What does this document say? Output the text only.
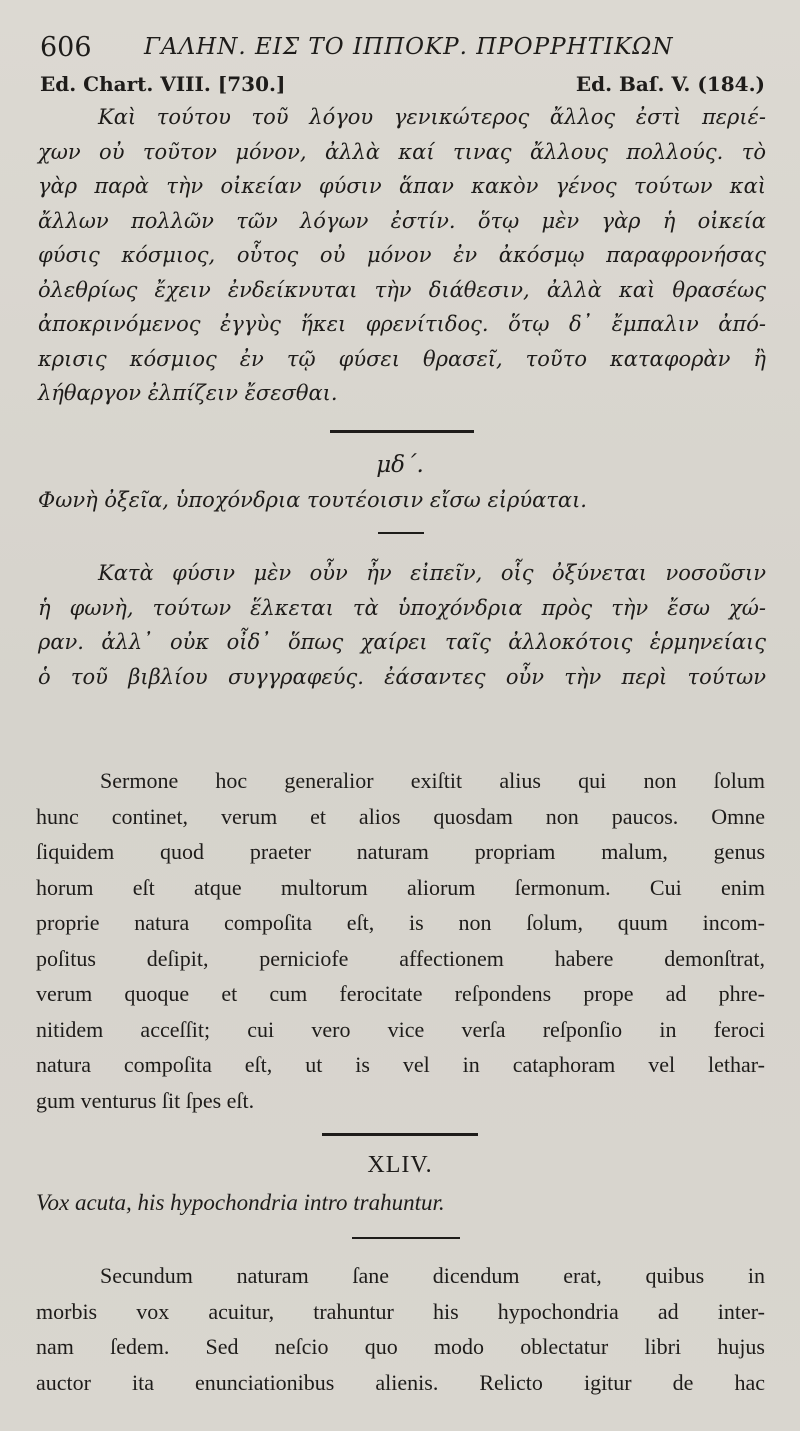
606 ΓΑΛΗΝ. ΕΙΣ ΤΟ ΙΠΠΟΚΡ. ΠΡΟΡΡΗΤΙΚΩΝ
Ed. Chart. VIII. [730.]	Ed. Baſ. V. (184.)
Καὶ τούτου τοῦ λόγου γενικώτερος ἄλλος ἐστὶ περιέ-
χων οὐ τοῦτον μόνον, ἀλλὰ καί τινας ἄλλους πολλούς. τὸ
γὰρ παρὰ τὴν οἰκείαν φύσιν ἅπαν κακὸν γένος τούτων καὶ
ἄλλων πολλῶν τῶν λόγων ἐστίν. ὅτῳ μὲν γὰρ ἡ οἰκεία
φύσις κόσμιος, οὗτος οὐ μόνον ἐν ἀκόσμῳ παραφρονήσας
ὀλεθρίως ἔχειν ἐνδείκνυται τὴν διάθεσιν, ἀλλὰ καὶ θρασέως
ἀποκρινόμενος ἐγγὺς ἥκει φρενίτιδος. ὅτῳ δ᾽ ἔμπαλιν ἀπό-
κρισις κόσμιος ἐν τῷ φύσει θρασεῖ, τοῦτο καταφορὰν ἢ
λήθαργον ἐλπίζειν ἔσεσθαι.
μδ΄.
Φωνὴ ὀξεῖα, ὑποχόνδρια τουτέοισιν εἴσω εἰρύαται.
Κατὰ φύσιν μὲν οὖν ἦν εἰπεῖν, οἷς ὀξύνεται νοσοῦσιν
ἡ φωνὴ, τούτων ἕλκεται τὰ ὑποχόνδρια πρὸς τὴν ἔσω χώ-
ραν. ἀλλ᾽ οὐκ οἶδ᾽ ὅπως χαίρει ταῖς ἀλλοκότοις ἑρμηνείαις
ὁ τοῦ βιβλίου συγγραφεύς. ἐάσαντες οὖν τὴν περὶ τούτων
Sermone hoc generalior exiſtit alius qui non ſolum
hunc continet, verum et alios quosdam non paucos. Omne
ſiquidem quod praeter naturam propriam malum, genus
horum eſt atque multorum aliorum ſermonum. Cui enim
proprie natura compoſita eſt, is non ſolum, quum incom-
poſitus deſipit, perniciofe affectionem habere demonſtrat,
verum quoque et cum ferocitate reſpondens prope ad phre-
nitidem acceſſit; cui vero vice verſa reſponſio in feroci
natura compoſita eſt, ut is vel in cataphoram vel lethar-
gum venturus ſit ſpes eſt.
XLIV.
Vox acuta, his hypochondria intro trahuntur.
Secundum naturam ſane dicendum erat, quibus in
morbis vox acuitur, trahuntur his hypochondria ad inter-
nam ſedem. Sed neſcio quo modo oblectatur libri hujus
auctor ita enunciationibus alienis. Relicto igitur de hac
